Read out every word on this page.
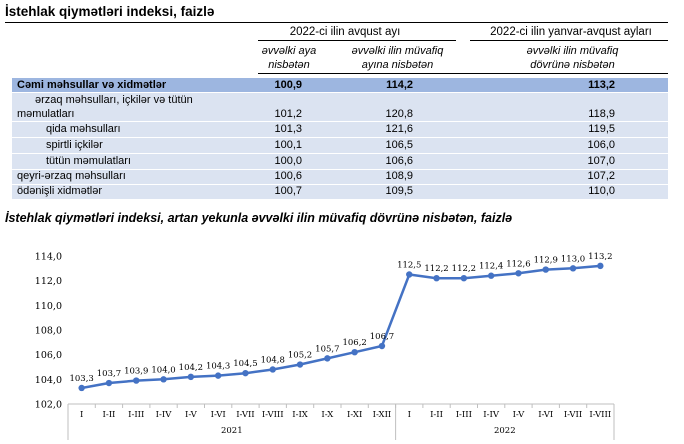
İstehlak qiymətləri indeksi, faizlə
2022-ci ilin avqust ayı	2022-ci ilin yanvar-avqust ayları
əvvəlki aya
nisbətən
əvvəlki ilin müvafiq
ayına nisbətən
əvvəlki ilin müvafiq
dövrünə nisbətən
Cəmi məhsullar və xidmətlər	100,9	114,2	113,2
ərzaq məhsulları, içkilər və tütün
məmulatları	101,2	120,8	118,9
qida məhsulları	101,3	121,6	119,5
spirtli içkilər	100,1	106,5	106,0
tütün məmulatları	100,0	106,6	107,0
qeyri-ərzaq məhsulları	100,6	108,9	107,2
ödənişli xidmətlər	100,7	109,5	110,0
İstehlak qiymətləri indeksi, artan yekunla əvvəlki ilin müvafiq dövrünə nisbətən, faizlə
102,0
104,0
106,0
108,0
110,0
112,0
114,0
I I-II I-III I-IV I-V I-VI I-VII I-VIII I-IX I-X I-XI I-XII I I-II I-III I-IV I-V I-VI I-VII I-VIII
2021	2022
103,3 103,7 103,9 104,0 104,2 104,3 104,5 104,8 105,2
105,7
106,2
106,7
112,5 112,2 112,2 112,4 112,6 112,9 113,0 113,2
